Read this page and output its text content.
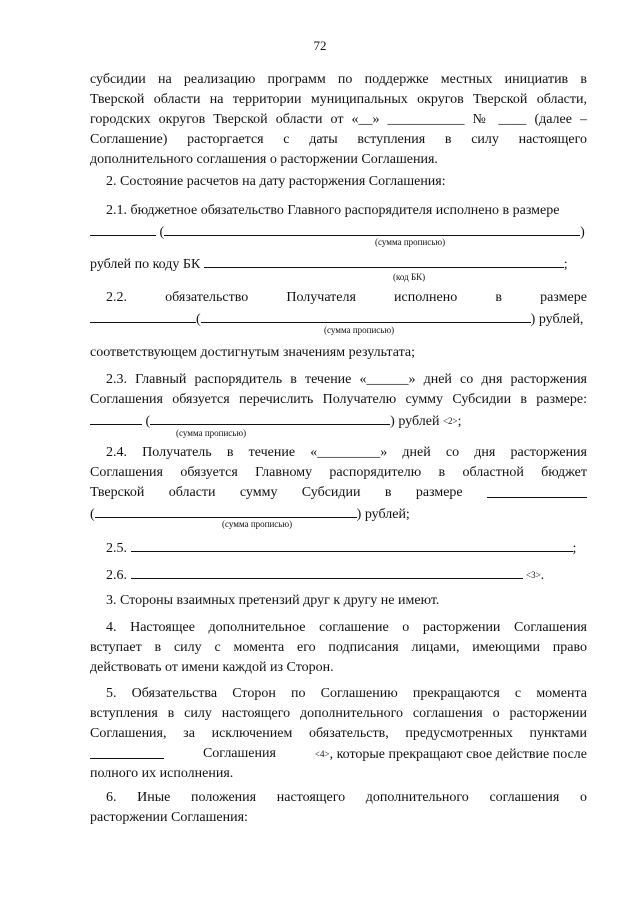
72
субсидии на реализацию программ по поддержке местных инициатив в
Тверской области на территории муниципальных округов Тверской области,
городских округов Тверской области от «__» ___________ № ____ (далее –
Соглашение) расторгается с даты вступления в силу настоящего
дополнительного соглашения о расторжении Соглашения.
2. Состояние расчетов на дату расторжения Соглашения:
2.1. бюджетное обязательство Главного распорядителя исполнено в размере
(	)
(сумма прописью)
рублей по коду БК	;
(код БК)
2.2.	обязательство	Получателя	исполнено	в	размере
(	) рублей,
(сумма прописью)
соответствующем достигнутым значениям результата;
2.3. Главный распорядитель в течение «______» дней со дня расторжения
Соглашения обязуется перечислить Получателю сумму Субсидии в размере:
(	) рублей <2>;
(сумма прописью)
2.4. Получатель в течение «_________» дней со дня расторжения
Соглашения обязуется Главному распорядителю в областной бюджет
Тверской области сумму Субсидии в размере
(	) рублей;
(сумма прописью)
2.5.	;
2.6.	<3>.
3. Стороны взаимных претензий друг к другу не имеют.
4. Настоящее дополнительное соглашение о расторжении Соглашения
вступает в силу с момента его подписания лицами, имеющими право
действовать от имени каждой из Сторон.
5. Обязательства Сторон по Соглашению прекращаются с момента
вступления в силу настоящего дополнительного соглашения о расторжении
Соглашения, за исключением обязательств, предусмотренных пунктами
Соглашения	<4>, которые прекращают свое действие после
полного их исполнения.
6. Иные положения настоящего дополнительного соглашения о
расторжении Соглашения:
